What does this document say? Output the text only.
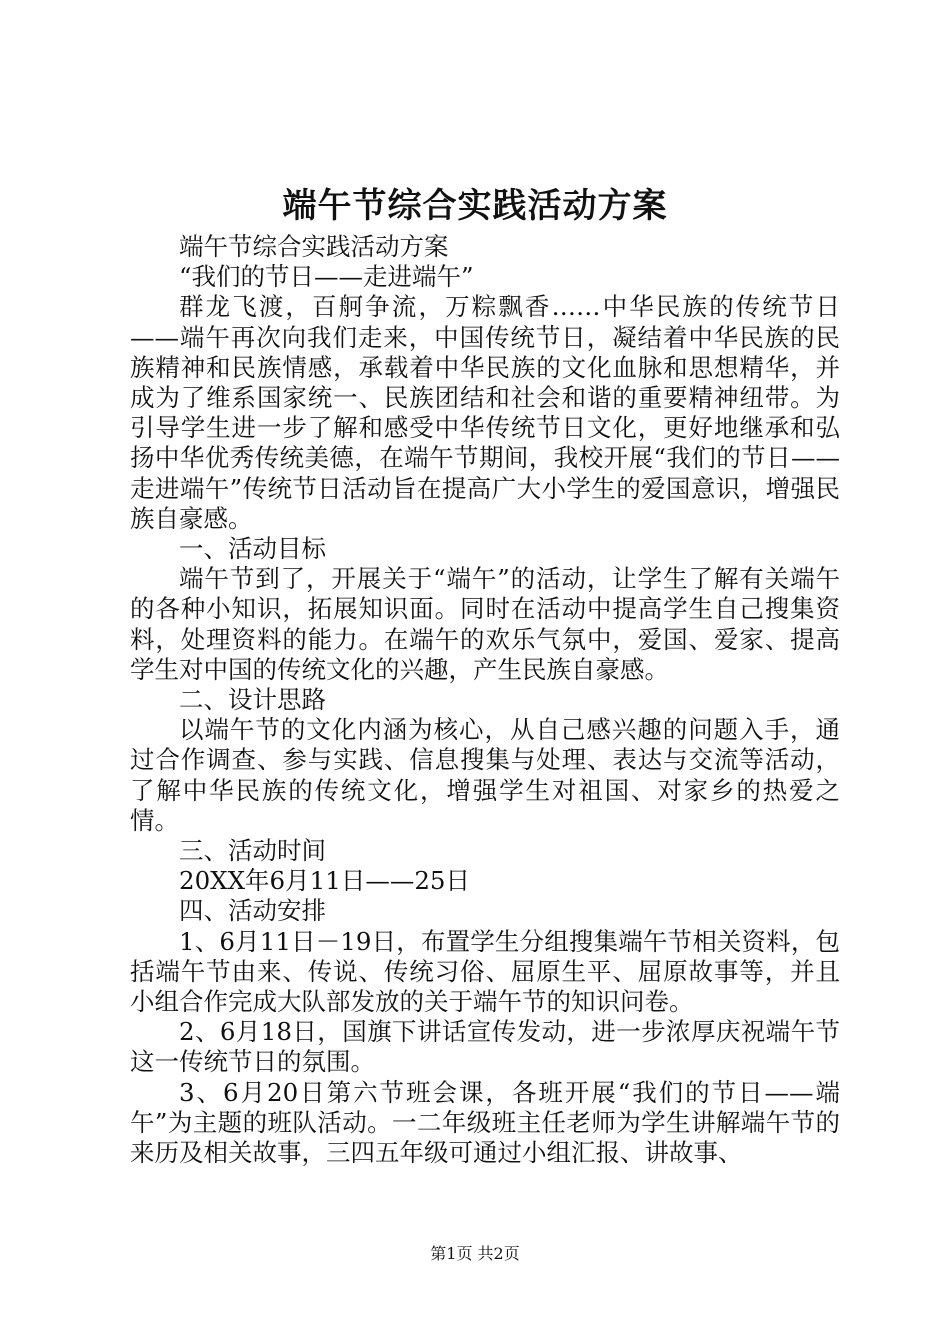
端午节综合实践活动方案

端午节综合实践活动方案

“我们的节日——走进端午”

群龙飞渡，百舸争流，万粽飘香……中华民族的传统节日——端午再次向我们走来，中国传统节日，凝结着中华民族的民族精神和民族情感，承载着中华民族的文化血脉和思想精华，并成为了维系国家统一、民族团结和社会和谐的重要精神纽带。为引导学生进一步了解和感受中华传统节日文化，更好地继承和弘扬中华优秀传统美德，在端午节期间，我校开展“我们的节日——走进端午”传统节日活动旨在提高广大小学生的爱国意识，增强民族自豪感。

一、活动目标

端午节到了，开展关于“端午”的活动，让学生了解有关端午的各种小知识，拓展知识面。同时在活动中提高学生自己搜集资料，处理资料的能力。在端午的欢乐气氛中，爱国、爱家、提高学生对中国的传统文化的兴趣，产生民族自豪感。

二、设计思路

以端午节的文化内涵为核心，从自己感兴趣的问题入手，通过合作调查、参与实践、信息搜集与处理、表达与交流等活动，了解中华民族的传统文化，增强学生对祖国、对家乡的热爱之情。

三、活动时间

20XX年6月11日——25日

四、活动安排

1、6月11日－19日，布置学生分组搜集端午节相关资料，包括端午节由来、传说、传统习俗、屈原生平、屈原故事等，并且小组合作完成大队部发放的关于端午节的知识问卷。

2、6月18日，国旗下讲话宣传发动，进一步浓厚庆祝端午节这一传统节日的氛围。

3、6月20日第六节班会课，各班开展“我们的节日——端午”为主题的班队活动。一二年级班主任老师为学生讲解端午节的来历及相关故事，三四五年级可通过小组汇报、讲故事、

第1页 共2页
